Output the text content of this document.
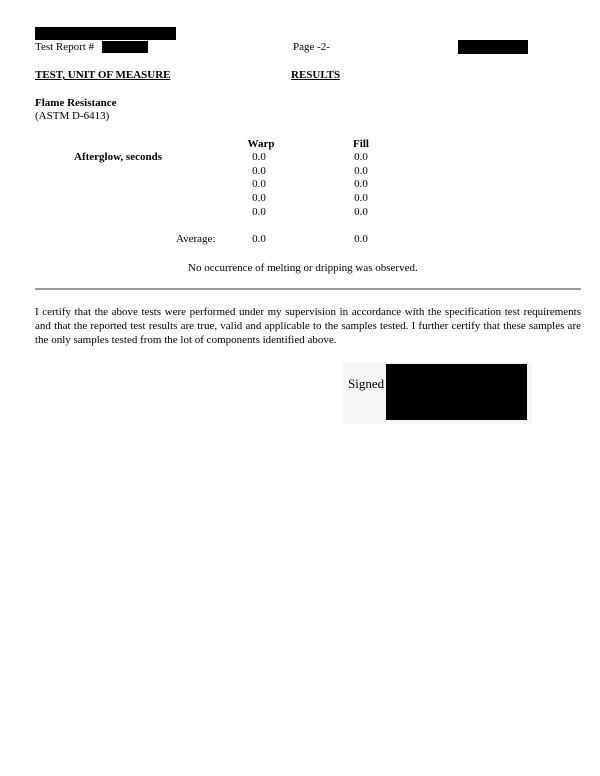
Test Report #	Page -2-
TEST, UNIT OF MEASURE	RESULTS
Flame Resistance
(ASTM D-6413)
Warp	Fill
Afterglow, seconds	0.0	0.0
0.0	0.0
0.0	0.0
0.0	0.0
0.0	0.0
Average:	0.0	0.0
No occurrence of melting or dripping was observed.
I certify that the above tests were performed under my supervision in accordance with the specification test requirements and that the reported test results are true, valid and applicable to the samples tested. I further certify that these samples are the only samples tested from the lot of components identified above.
Signed
